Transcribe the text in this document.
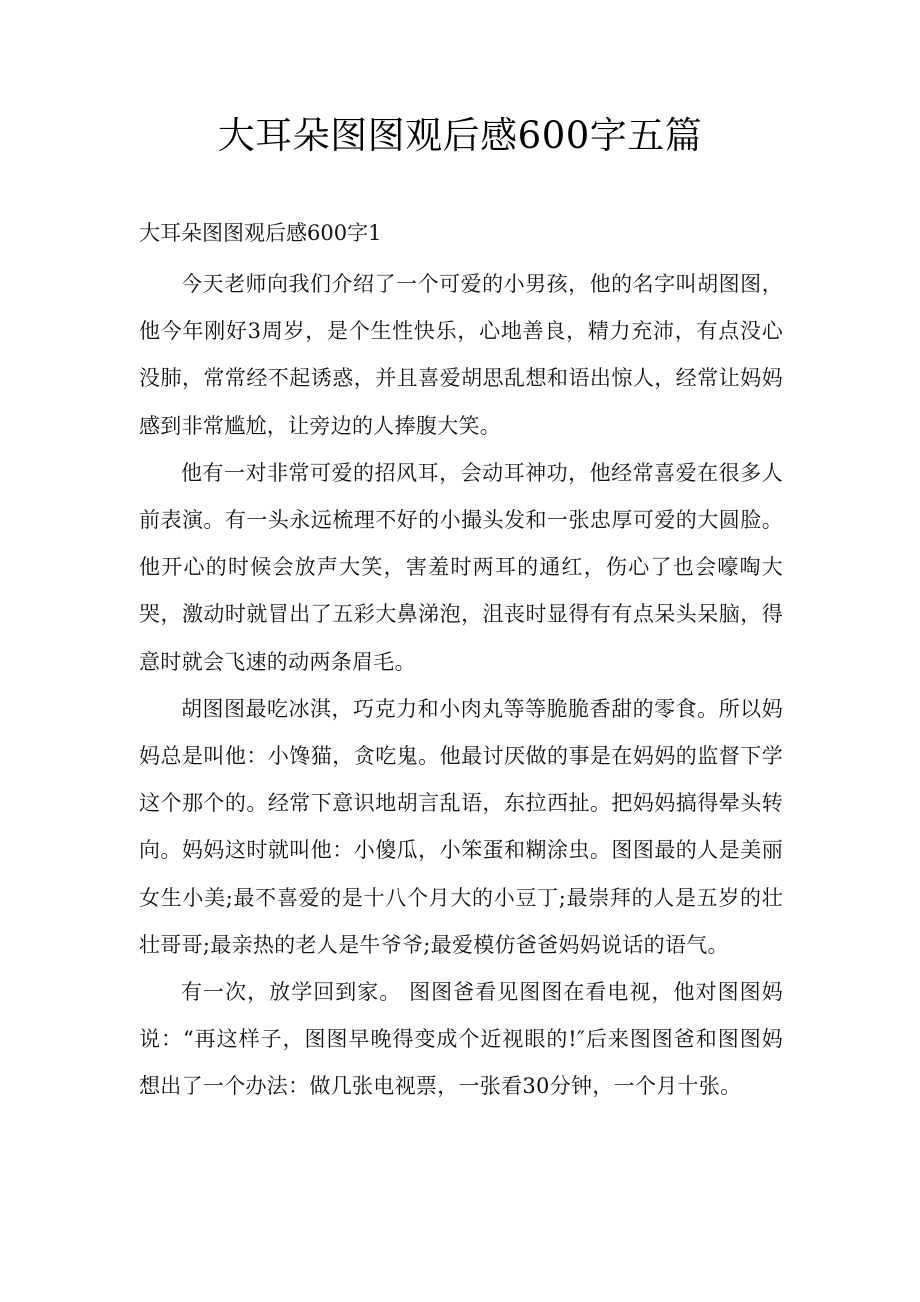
大耳朵图图观后感600字五篇
大耳朵图图观后感600字1

今天老师向我们介绍了一个可爱的小男孩，他的名字叫胡图图，他今年刚好3周岁，是个生性快乐，心地善良，精力充沛，有点没心没肺，常常经不起诱惑，并且喜爱胡思乱想和语出惊人，经常让妈妈感到非常尴尬，让旁边的人捧腹大笑。

他有一对非常可爱的招风耳，会动耳神功，他经常喜爱在很多人前表演。有一头永远梳理不好的小撮头发和一张忠厚可爱的大圆脸。他开心的时候会放声大笑，害羞时两耳的通红，伤心了也会嚎啕大哭，激动时就冒出了五彩大鼻涕泡，沮丧时显得有有点呆头呆脑，得意时就会飞速的动两条眉毛。

胡图图最吃冰淇，巧克力和小肉丸等等脆脆香甜的零食。所以妈妈总是叫他：小馋猫，贪吃鬼。他最讨厌做的事是在妈妈的监督下学这个那个的。经常下意识地胡言乱语，东拉西扯。把妈妈搞得晕头转向。妈妈这时就叫他：小傻瓜，小笨蛋和糊涂虫。图图最的人是美丽女生小美;最不喜爱的是十八个月大的小豆丁;最崇拜的人是五岁的壮壮哥哥;最亲热的老人是牛爷爷;最爱模仿爸爸妈妈说话的语气。

有一次，放学回到家。 图图爸看见图图在看电视，他对图图妈说：“再这样子，图图早晚得变成个近视眼的!″后来图图爸和图图妈想出了一个办法：做几张电视票，一张看30分钟，一个月十张。
